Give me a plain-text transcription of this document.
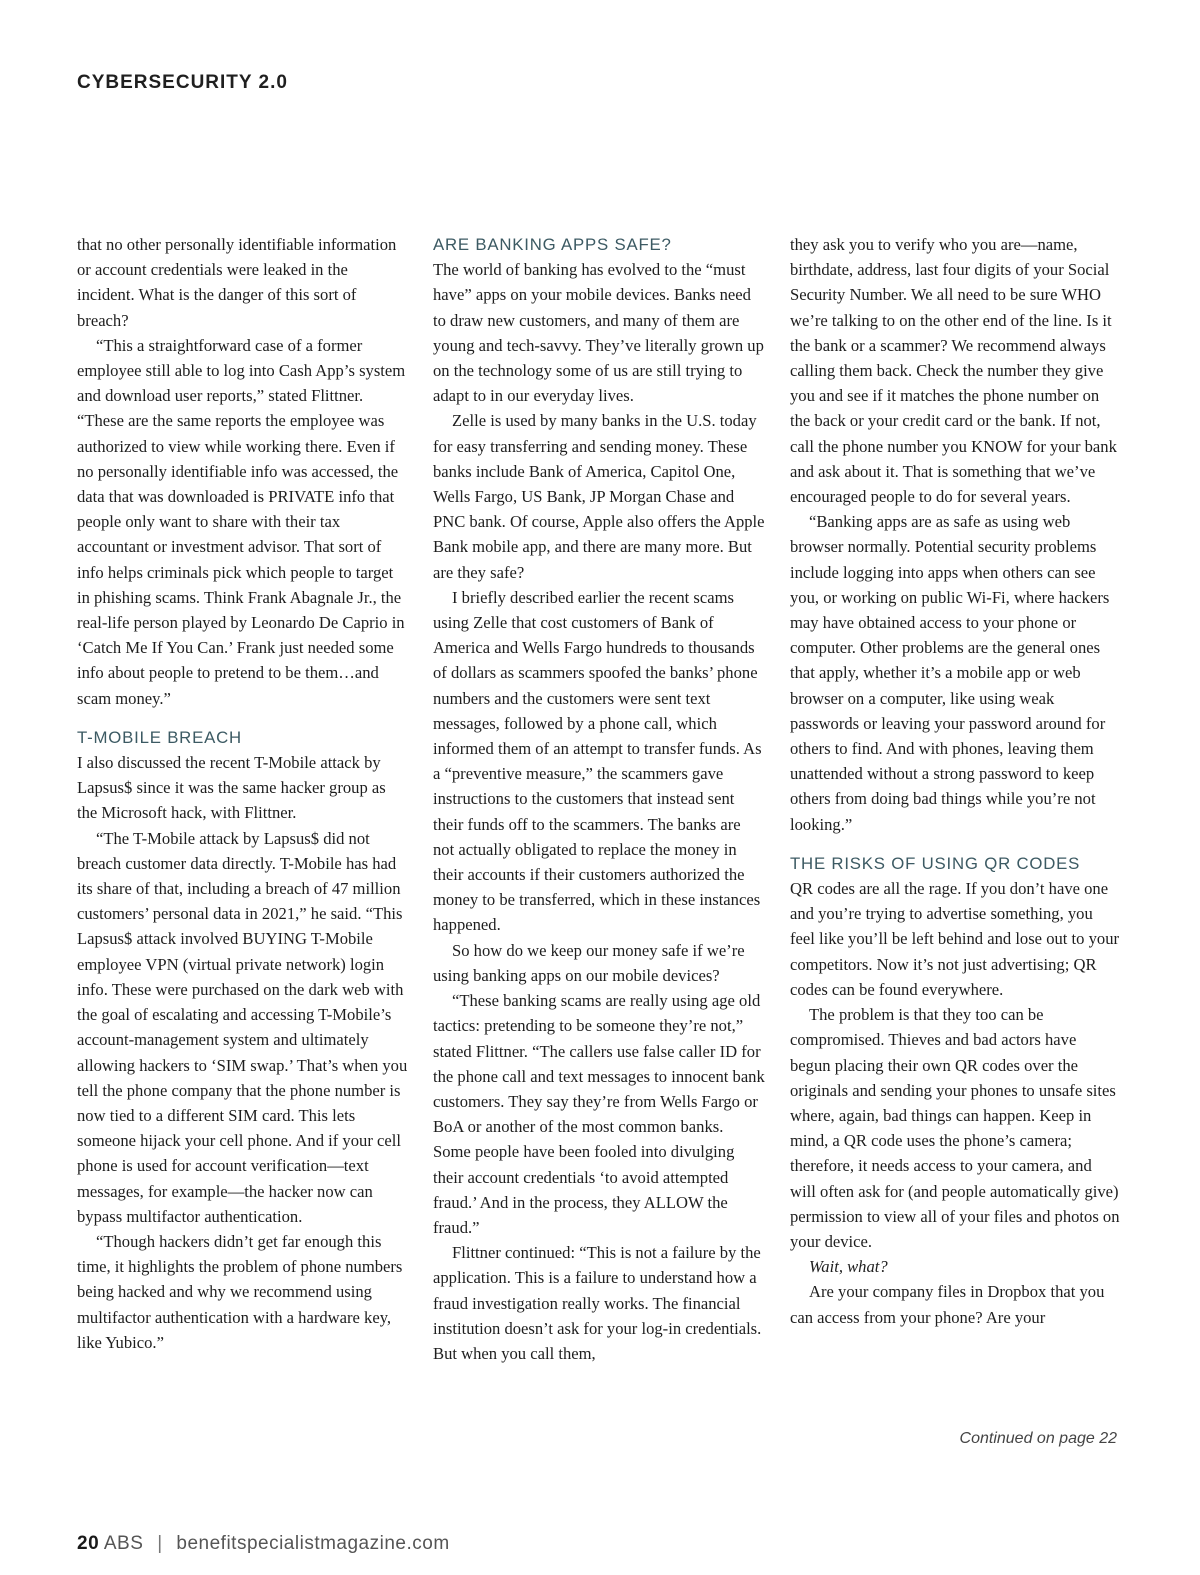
CYBERSECURITY 2.0

that no other personally identifiable information or account credentials were leaked in the incident. What is the danger of this sort of breach?

“This a straightforward case of a former employee still able to log into Cash App’s system and download user reports,” stated Flittner. “These are the same reports the employee was authorized to view while working there. Even if no personally identifiable info was accessed, the data that was downloaded is PRIVATE info that people only want to share with their tax accountant or investment advisor. That sort of info helps criminals pick which people to target in phishing scams. Think Frank Abagnale Jr., the real-life person played by Leonardo De Caprio in ‘Catch Me If You Can.’ Frank just needed some info about people to pretend to be them…and scam money.”

T-MOBILE BREACH

I also discussed the recent T-Mobile attack by Lapsus$ since it was the same hacker group as the Microsoft hack, with Flittner.

“The T-Mobile attack by Lapsus$ did not breach customer data directly. T-Mobile has had its share of that, including a breach of 47 million customers’ personal data in 2021,” he said. “This Lapsus$ attack involved BUYING T-Mobile employee VPN (virtual private network) login info. These were purchased on the dark web with the goal of escalating and accessing T-Mobile’s account-management system and ultimately allowing hackers to ‘SIM swap.’ That’s when you tell the phone company that the phone number is now tied to a different SIM card. This lets someone hijack your cell phone. And if your cell phone is used for account verification—text messages, for example—the hacker now can bypass multifactor authentication.

“Though hackers didn’t get far enough this time, it highlights the problem of phone numbers being hacked and why we recommend using multifactor authentication with a hardware key, like Yubico.”

ARE BANKING APPS SAFE?

The world of banking has evolved to the “must have” apps on your mobile devices. Banks need to draw new customers, and many of them are young and tech-savvy. They’ve literally grown up on the technology some of us are still trying to adapt to in our everyday lives.

Zelle is used by many banks in the U.S. today for easy transferring and sending money. These banks include Bank of America, Capitol One, Wells Fargo, US Bank, JP Morgan Chase and PNC bank. Of course, Apple also offers the Apple Bank mobile app, and there are many more. But are they safe?

I briefly described earlier the recent scams using Zelle that cost customers of Bank of America and Wells Fargo hundreds to thousands of dollars as scammers spoofed the banks’ phone numbers and the customers were sent text messages, followed by a phone call, which informed them of an attempt to transfer funds. As a “preventive measure,” the scammers gave instructions to the customers that instead sent their funds off to the scammers. The banks are not actually obligated to replace the money in their accounts if their customers authorized the money to be transferred, which in these instances happened.

So how do we keep our money safe if we’re using banking apps on our mobile devices?

“These banking scams are really using age old tactics: pretending to be someone they’re not,” stated Flittner. “The callers use false caller ID for the phone call and text messages to innocent bank customers. They say they’re from Wells Fargo or BoA or another of the most common banks. Some people have been fooled into divulging their account credentials ‘to avoid attempted fraud.’ And in the process, they ALLOW the fraud.”

Flittner continued: “This is not a failure by the application. This is a failure to understand how a fraud investigation really works. The financial institution doesn’t ask for your log-in credentials. But when you call them,

they ask you to verify who you are—name, birthdate, address, last four digits of your Social Security Number. We all need to be sure WHO we’re talking to on the other end of the line. Is it the bank or a scammer? We recommend always calling them back. Check the number they give you and see if it matches the phone number on the back or your credit card or the bank. If not, call the phone number you KNOW for your bank and ask about it. That is something that we’ve encouraged people to do for several years.

“Banking apps are as safe as using web browser normally. Potential security problems include logging into apps when others can see you, or working on public Wi-Fi, where hackers may have obtained access to your phone or computer. Other problems are the general ones that apply, whether it’s a mobile app or web browser on a computer, like using weak passwords or leaving your password around for others to find. And with phones, leaving them unattended without a strong password to keep others from doing bad things while you’re not looking.”

THE RISKS OF USING QR CODES

QR codes are all the rage. If you don’t have one and you’re trying to advertise something, you feel like you’ll be left behind and lose out to your competitors. Now it’s not just advertising; QR codes can be found everywhere.

The problem is that they too can be compromised. Thieves and bad actors have begun placing their own QR codes over the originals and sending your phones to unsafe sites where, again, bad things can happen. Keep in mind, a QR code uses the phone’s camera; therefore, it needs access to your camera, and will often ask for (and people automatically give) permission to view all of your files and photos on your device.

Wait, what?

Are your company files in Dropbox that you can access from your phone? Are your

Continued on page 22
20 ABS | benefitspecialistmagazine.com
